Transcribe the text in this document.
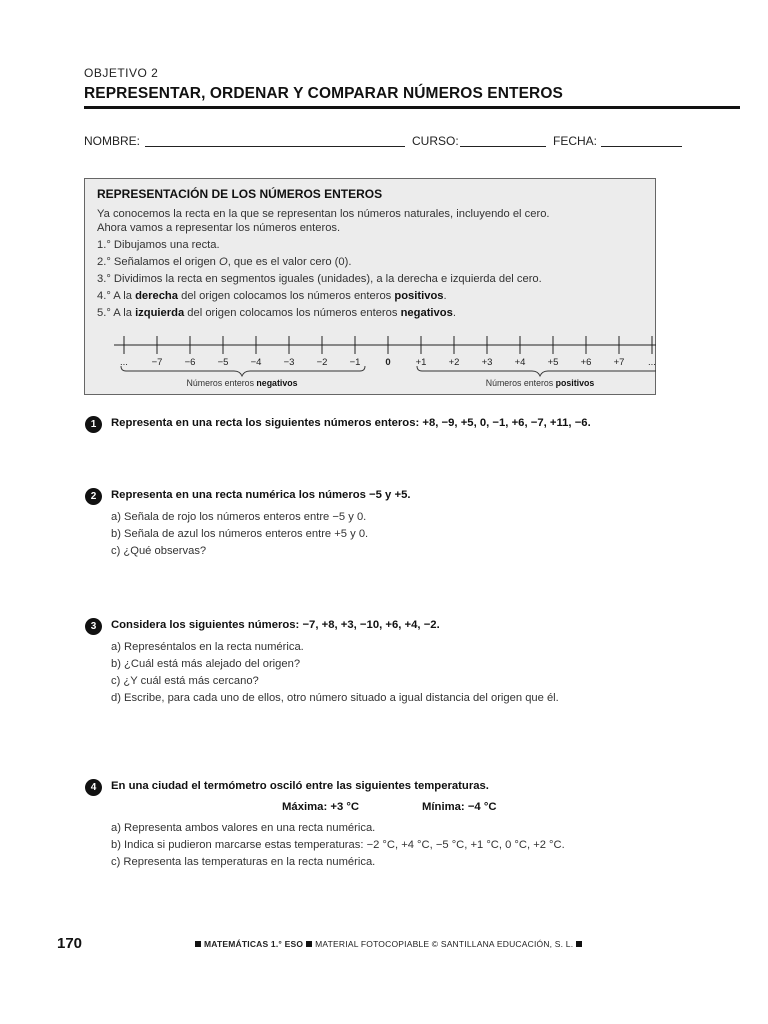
OBJETIVO 2
REPRESENTAR, ORDENAR Y COMPARAR NÚMEROS ENTEROS
NOMBRE:	CURSO:	FECHA:
REPRESENTACIÓN DE LOS NÚMEROS ENTEROS
Ya conocemos la recta en la que se representan los números naturales, incluyendo el cero.
Ahora vamos a representar los números enteros.
1.° Dibujamos una recta.
2.° Señalamos el origen O, que es el valor cero (0).
3.° Dividimos la recta en segmentos iguales (unidades), a la derecha e izquierda del cero.
4.° A la derecha del origen colocamos los números enteros positivos.
5.° A la izquierda del origen colocamos los números enteros negativos.
... −7 −6 −5 −4 −3 −2 −1	0	+1 +2 +3 +4 +5 +6 +7 ...
Números enteros negativos	Números enteros positivos
1	Representa en una recta los siguientes números enteros: +8, −9, +5, 0, −1, +6, −7, +11, −6.
2	Representa en una recta numérica los números −5 y +5.
a) Señala de rojo los números enteros entre −5 y 0.
b) Señala de azul los números enteros entre +5 y 0.
c) ¿Qué observas?
3	Considera los siguientes números: −7, +8, +3, −10, +6, +4, −2.
a) Represéntalos en la recta numérica.
b) ¿Cuál está más alejado del origen?
c) ¿Y cuál está más cercano?
d) Escribe, para cada uno de ellos, otro número situado a igual distancia del origen que él.
4	En una ciudad el termómetro osciló entre las siguientes temperaturas.
Máxima: +3 °C	Mínima: −4 °C
a) Representa ambos valores en una recta numérica.
b) Indica si pudieron marcarse estas temperaturas: −2 °C, +4 °C, −5 °C, +1 °C, 0 °C, +2 °C.
c) Representa las temperaturas en la recta numérica.
170	MATEMÁTICAS 1.° ESO MATERIAL FOTOCOPIABLE © SANTILLANA EDUCACIÓN, S. L.
